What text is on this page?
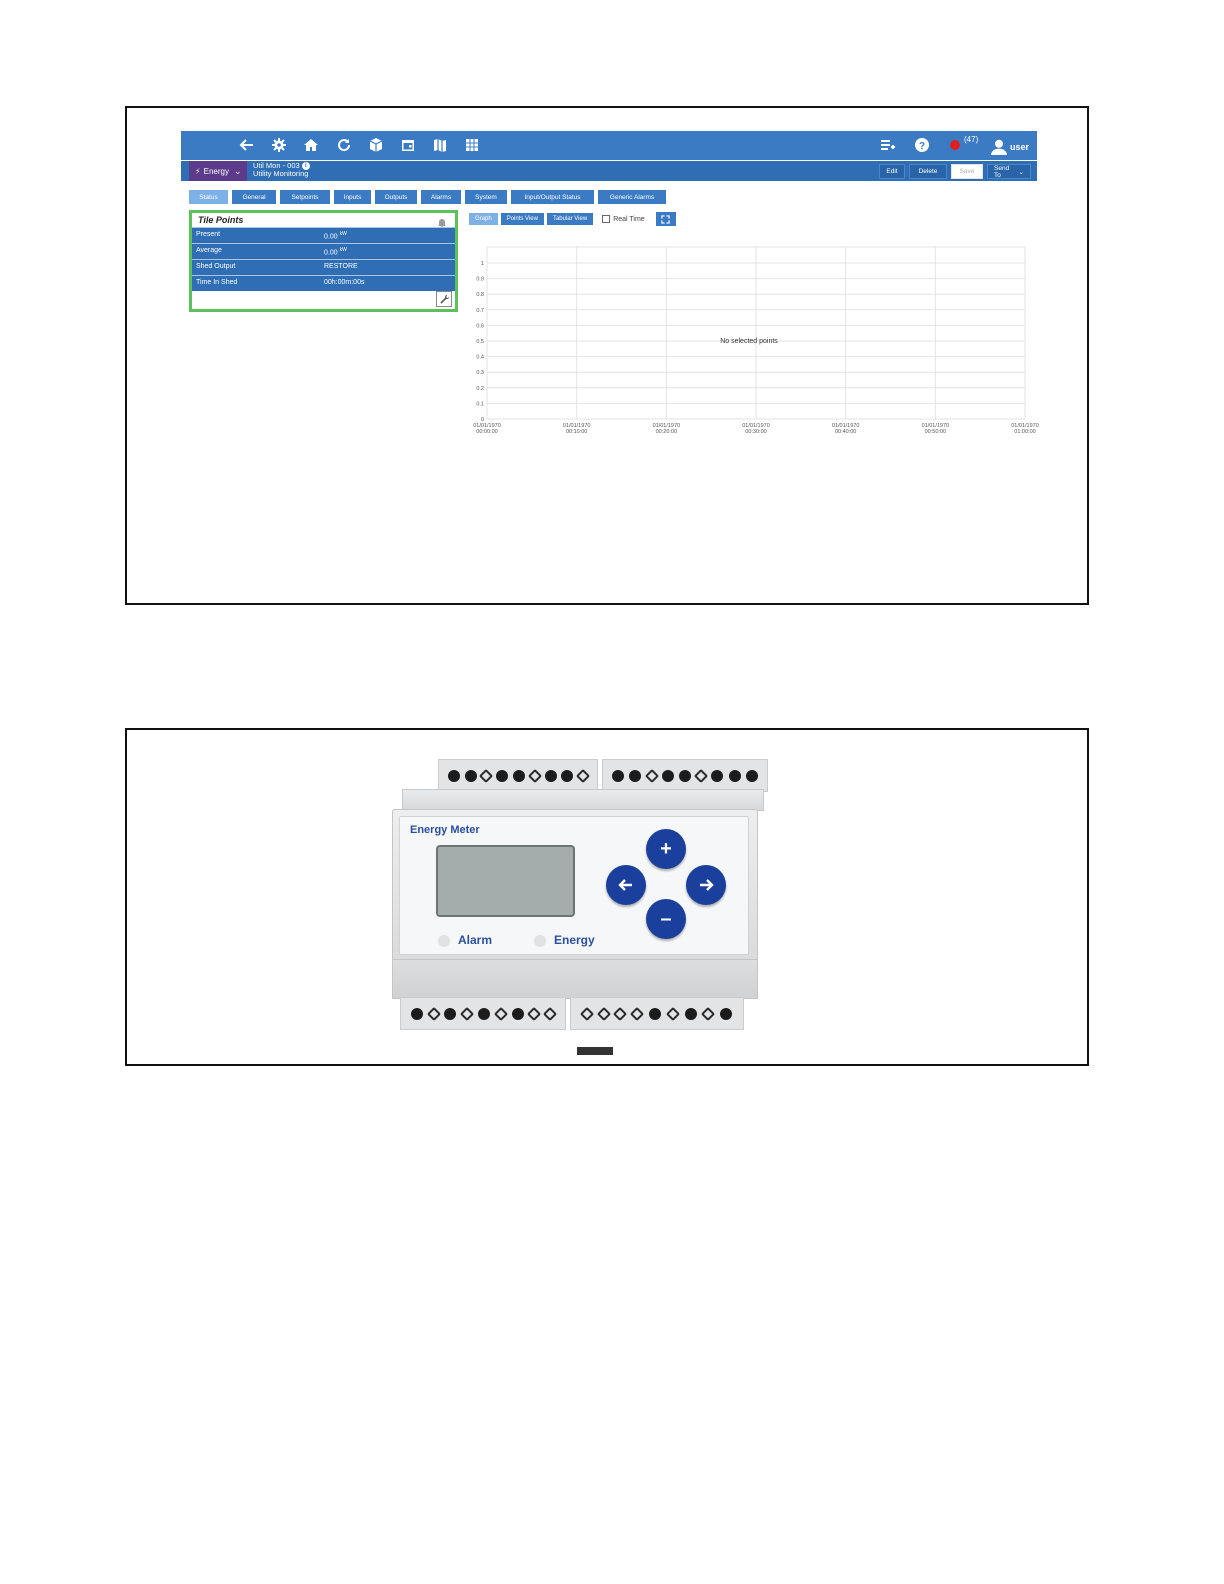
?
(47)
user
⚡ Energy ⌄ Util Mon - 003 i
Utility Monitoring	Edit	Delete	Save	Send To	⌄
Status	General	Setpoints	Inputs	Outputs	Alarms	System	Input/Output Status	Generic Alarms
Tile Points
Present	0.00 $^{kW}$
Average	0.00 $^{kW}$
Shed Output	RESTORE
Time In Shed	00h:00m:00s
Graph	Points View	Tabular View	Real Time
0
0.1
0.2
0.3
0.4
0.5
0.6
0.7
0.8
0.9
1
01/01/1970
00:00:00
01/01/1970
00:10:00
01/01/1970
00:20:00
01/01/1970
00:30:00
01/01/1970
00:40:00
01/01/1970
00:50:00
01/01/1970
01:00:00
No selected points
Energy Meter
Alarm	Energy
+
–
